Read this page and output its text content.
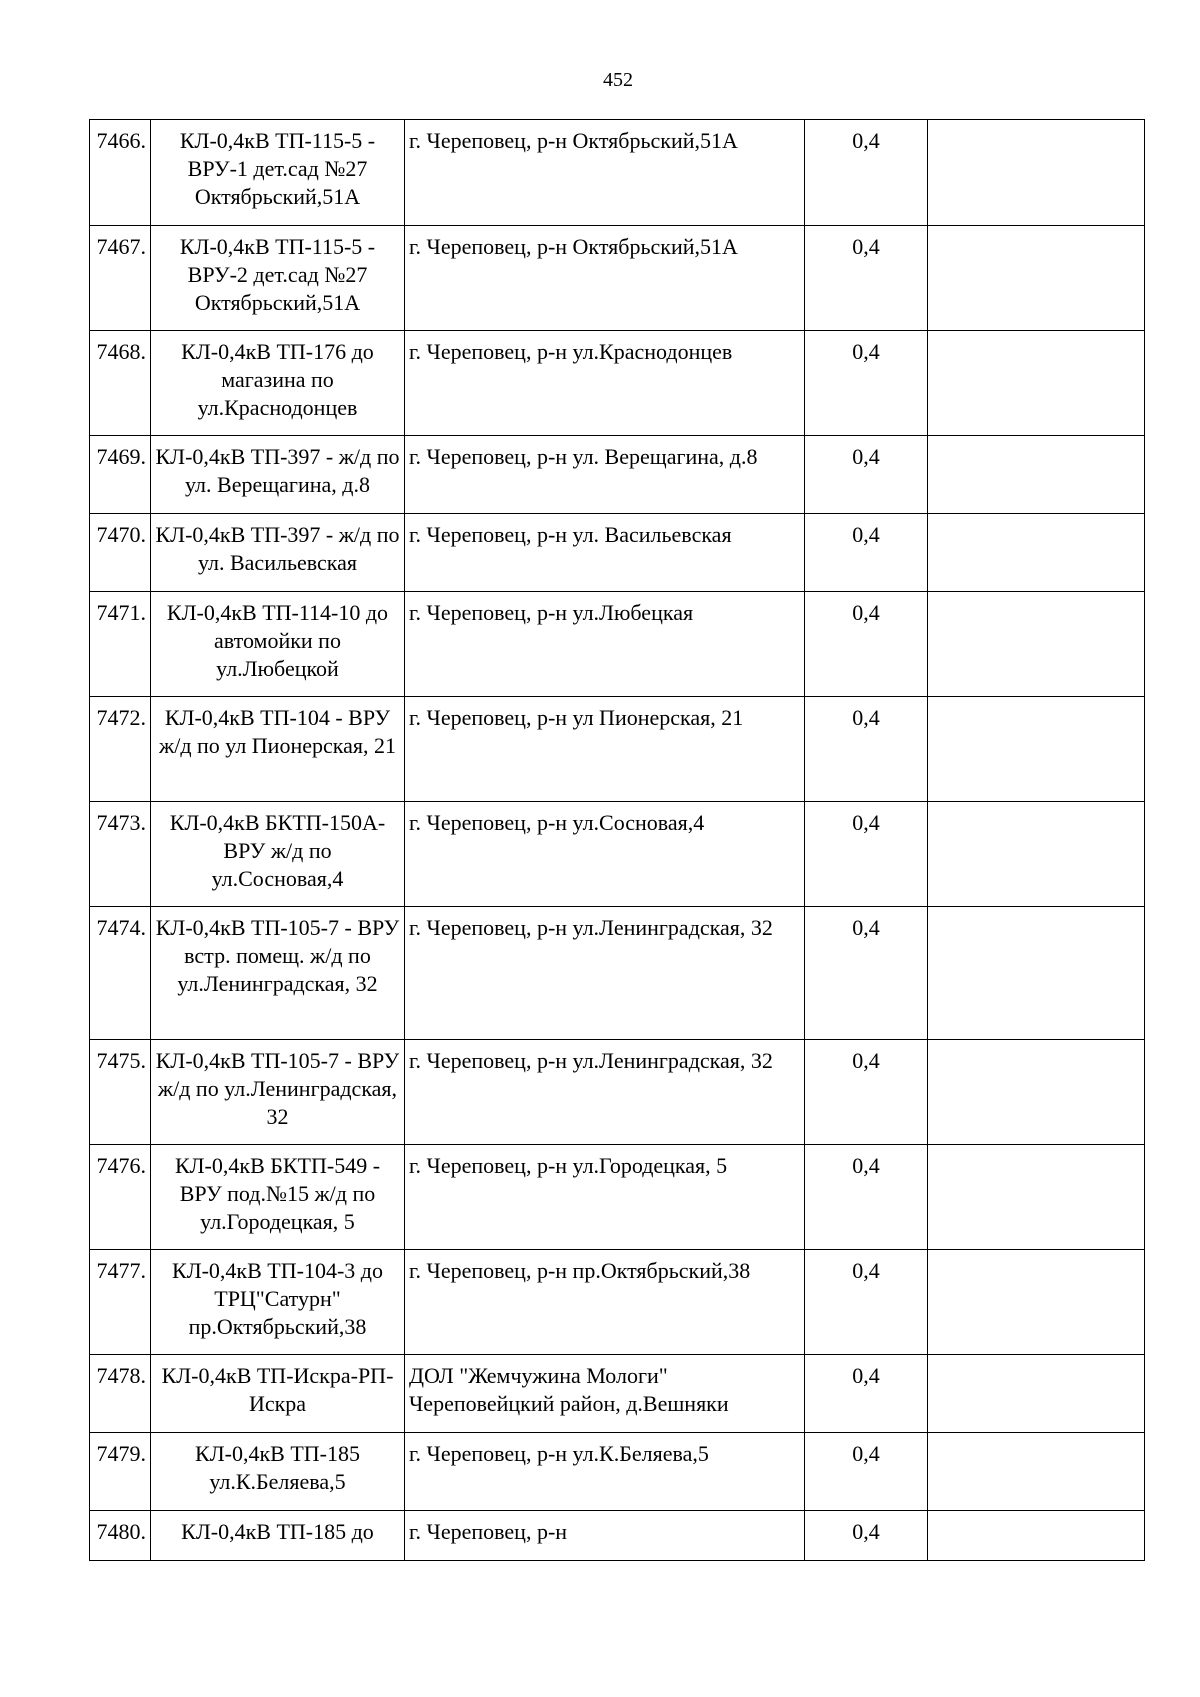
452
7466.	КЛ-0,4кВ ТП-115-5 - ВРУ-1 дет.сад №27 Октябрьский,51А	г. Череповец, р-н Октябрьский,51А	0,4	
7467.	КЛ-0,4кВ ТП-115-5 - ВРУ-2 дет.сад №27 Октябрьский,51А	г. Череповец, р-н Октябрьский,51А	0,4	
7468.	КЛ-0,4кВ ТП-176 до магазина по ул.Краснодонцев	г. Череповец, р-н ул.Краснодонцев	0,4	
7469.	КЛ-0,4кВ ТП-397 - ж/д по ул. Верещагина, д.8	г. Череповец, р-н ул. Верещагина, д.8	0,4	
7470.	КЛ-0,4кВ ТП-397 - ж/д по ул. Васильевская	г. Череповец, р-н ул. Васильевская	0,4	
7471.	КЛ-0,4кВ ТП-114-10 до автомойки по ул.Любецкой	г. Череповец, р-н ул.Любецкая	0,4	
7472.	КЛ-0,4кВ ТП-104 - ВРУ ж/д по ул Пионерская, 21	г. Череповец, р-н ул Пионерская, 21	0,4	
7473.	КЛ-0,4кВ БКТП-150А-ВРУ ж/д по ул.Сосновая,4	г. Череповец, р-н ул.Сосновая,4	0,4	
7474.	КЛ-0,4кВ ТП-105-7 - ВРУ встр. помещ. ж/д по ул.Ленинградская, 32	г. Череповец, р-н ул.Ленинградская, 32	0,4	
7475.	КЛ-0,4кВ ТП-105-7 - ВРУ ж/д по ул.Ленинградская, 32	г. Череповец, р-н ул.Ленинградская, 32	0,4	
7476.	КЛ-0,4кВ БКТП-549 - ВРУ под.№15 ж/д по ул.Городецкая, 5	г. Череповец, р-н ул.Городецкая, 5	0,4	
7477.	КЛ-0,4кВ ТП-104-3 до ТРЦ"Сатурн" пр.Октябрьский,38	г. Череповец, р-н пр.Октябрьский,38	0,4	
7478.	КЛ-0,4кВ ТП-Искра-РП-Искра	ДОЛ "Жемчужина Мологи" Череповейцкий район, д.Вешняки	0,4	
7479.	КЛ-0,4кВ ТП-185 ул.К.Беляева,5	г. Череповец, р-н ул.К.Беляева,5	0,4	
7480.	КЛ-0,4кВ ТП-185 до	г. Череповец, р-н	0,4	
